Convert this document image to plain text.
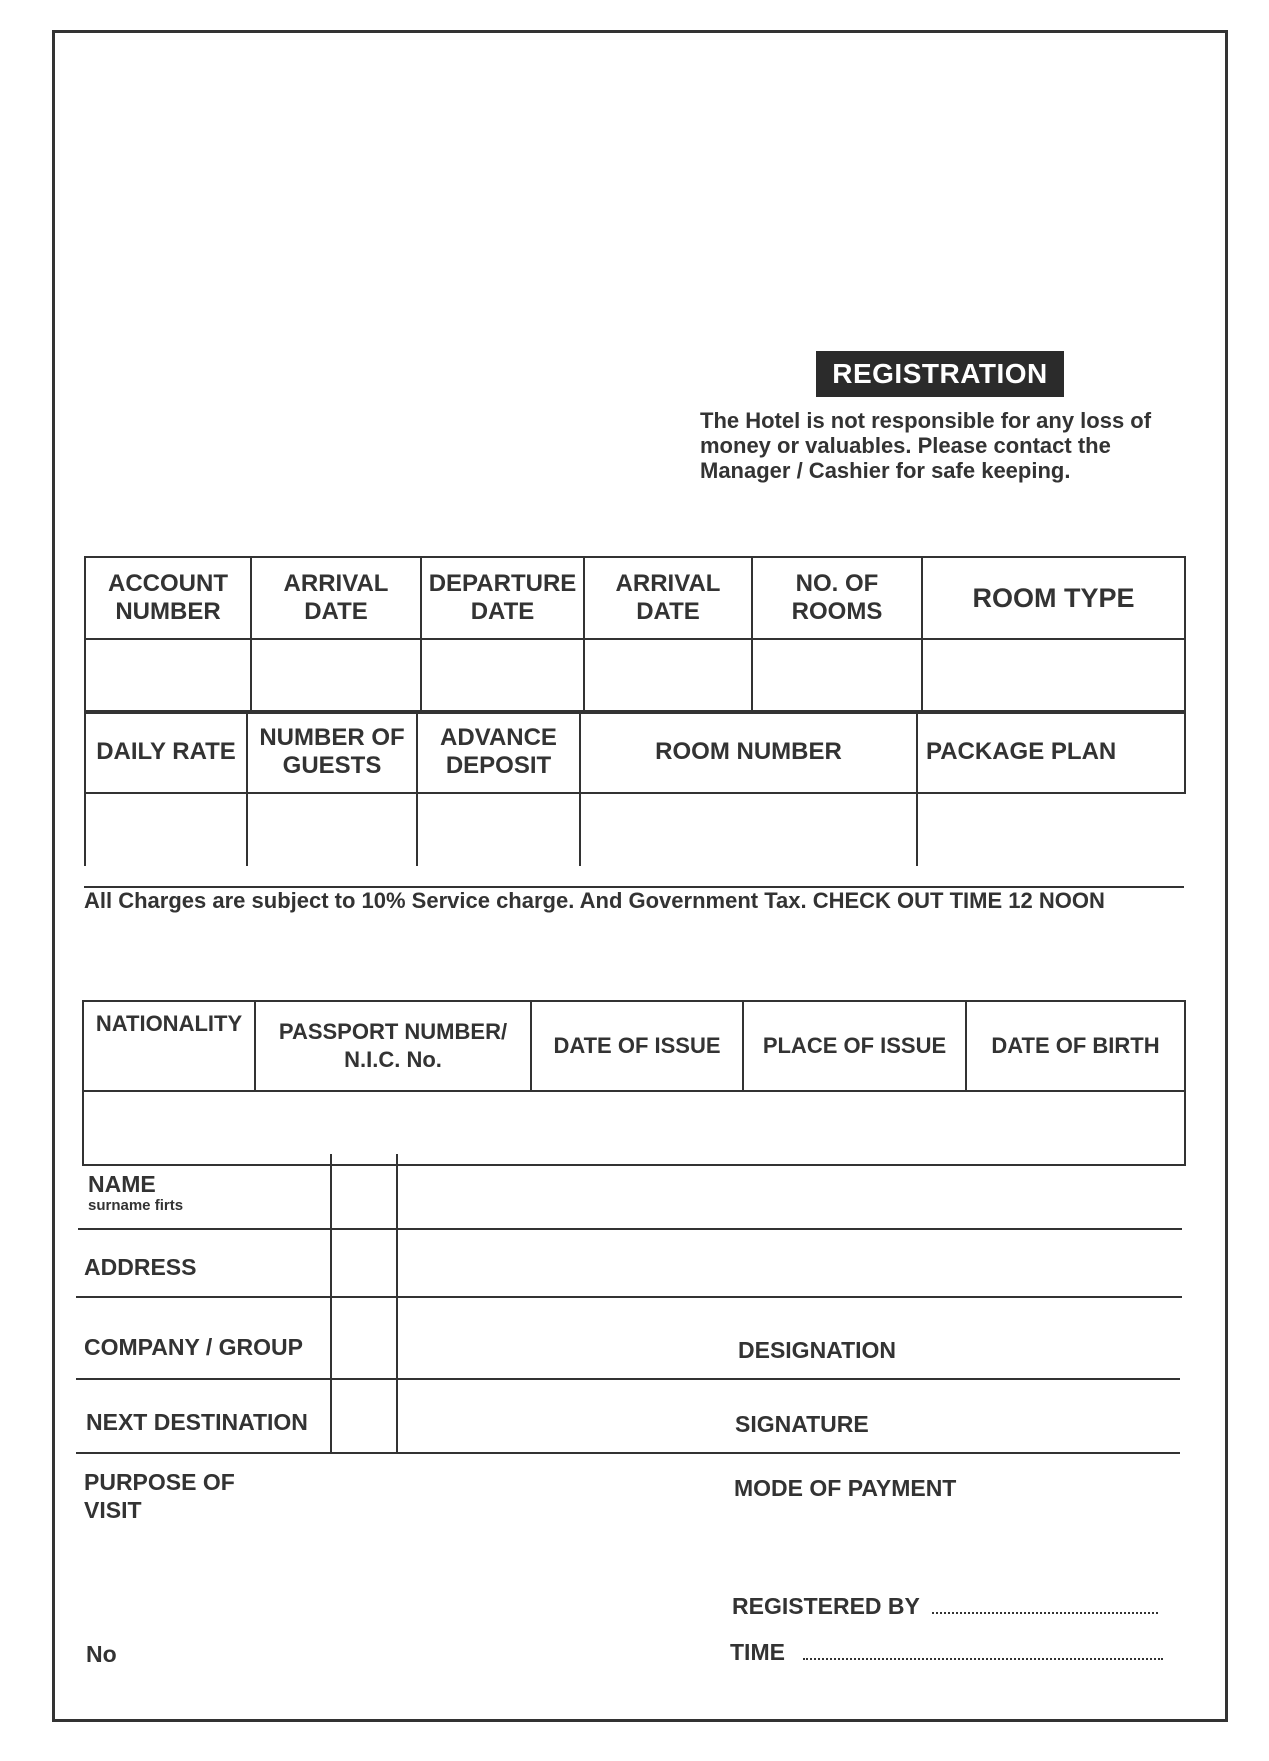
REGISTRATION
The Hotel is not responsible for any loss of money or valuables. Please contact the Manager / Cashier for safe keeping.
ACCOUNT NUMBER	ARRIVAL DATE	DEPARTURE DATE	ARRIVAL DATE	NO. OF ROOMS	ROOM TYPE

DAILY RATE	NUMBER OF GUESTS	ADVANCE DEPOSIT	ROOM NUMBER	PACKAGE PLAN

All Charges are subject to 10% Service charge. And Government Tax. CHECK OUT TIME 12 NOON
NATIONALITY	PASSPORT NUMBER/ N.I.C. No.	DATE OF ISSUE	PLACE OF ISSUE	DATE OF BIRTH

NAME
surname firts
ADDRESS
COMPANY / GROUP	DESIGNATION
NEXT DESTINATION	SIGNATURE
PURPOSE OF VISIT
MODE OF PAYMENT
REGISTERED BY
TIME
No
